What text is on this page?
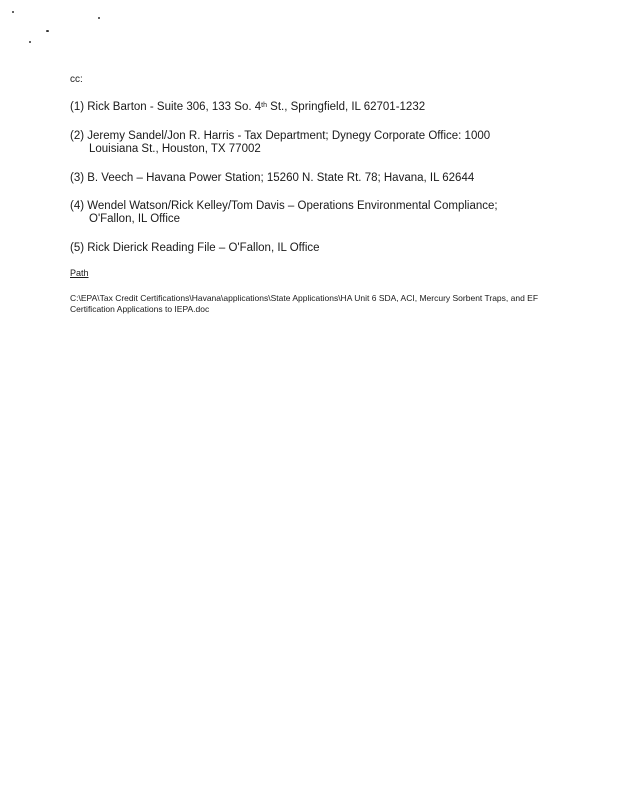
cc:
(1) Rick Barton - Suite 306, 133 So. 4th St., Springfield, IL 62701-1232
(2) Jeremy Sandel/Jon R. Harris - Tax Department; Dynegy Corporate Office: 1000
Louisiana St., Houston, TX 77002
(3) B. Veech – Havana Power Station; 15260 N. State Rt. 78; Havana, IL 62644
(4) Wendel Watson/Rick Kelley/Tom Davis – Operations Environmental Compliance;
O'Fallon, IL Office
(5) Rick Dierick Reading File – O'Fallon, IL Office
Path
C:\EPA\Tax Credit Certifications\Havana\applications\State Applications\HA Unit 6 SDA, ACI, Mercury Sorbent Traps, and EF Certification Applications to IEPA.doc
